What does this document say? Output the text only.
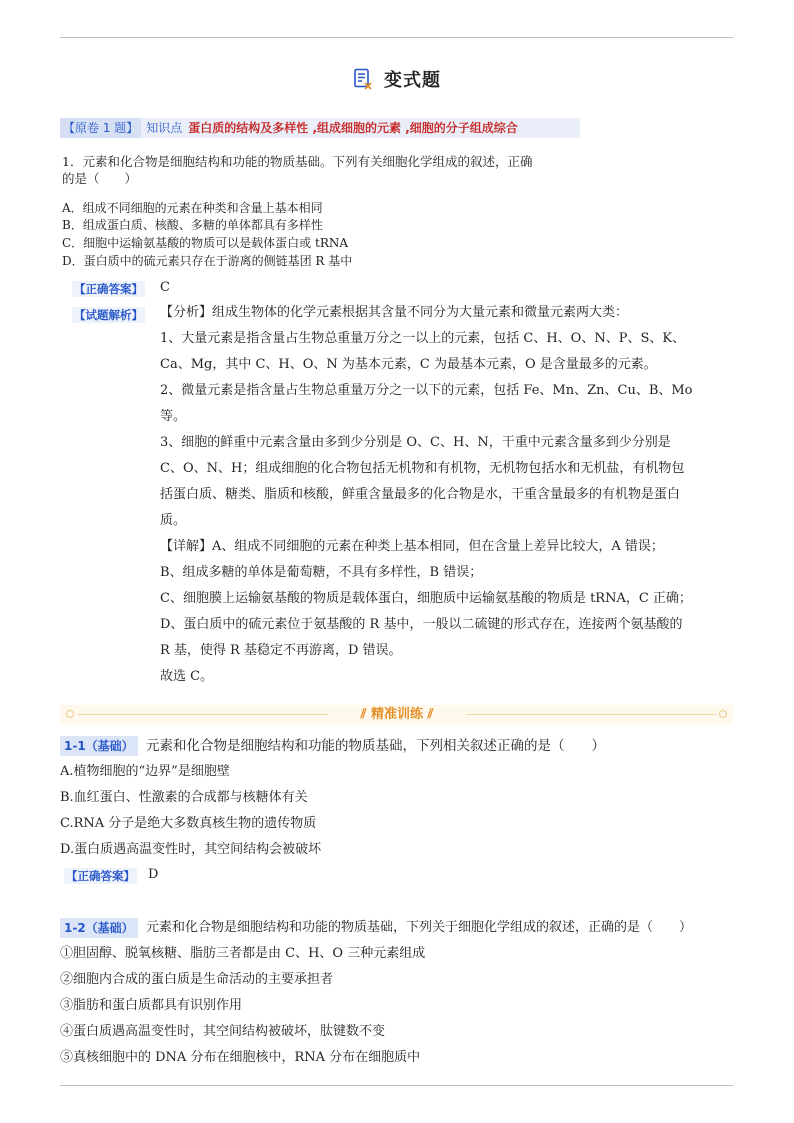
变式题
【原卷 1 题】 知识点 蛋白质的结构及多样性 ,组成细胞的元素 ,细胞的分子组成综合
1．元素和化合物是细胞结构和功能的物质基础。下列有关细胞化学组成的叙述，正确
的是（　　）
A．组成不同细胞的元素在种类和含量上基本相同
B．组成蛋白质、核酸、多糖的单体都具有多样性
C．细胞中运输氨基酸的物质可以是载体蛋白或 tRNA
D．蛋白质中的硫元素只存在于游离的侧链基团 R 基中
【正确答案】 C
【试题解析】 【分析】组成生物体的化学元素根据其含量不同分为大量元素和微量元素两大类：

1、大量元素是指含量占生物总重量万分之一以上的元素，包括 C、H、O、N、P、S、K、

Ca、Mg，其中 C、H、O、N 为基本元素，C 为最基本元素，O 是含量最多的元素。

2、微量元素是指含量占生物总重量万分之一以下的元素，包括 Fe、Mn、Zn、Cu、B、Mo

等。

3、细胞的鲜重中元素含量由多到少分别是 O、C、H、N，干重中元素含量多到少分别是

C、O、N、H；组成细胞的化合物包括无机物和有机物，无机物包括水和无机盐，有机物包

括蛋白质、糖类、脂质和核酸，鲜重含量最多的化合物是水，干重含量最多的有机物是蛋白

质。

【详解】A、组成不同细胞的元素在种类上基本相同，但在含量上差异比较大，A 错误；

B、组成多糖的单体是葡萄糖，不具有多样性，B 错误；

C、细胞膜上运输氨基酸的物质是载体蛋白，细胞质中运输氨基酸的物质是 tRNA，C 正确；

D、蛋白质中的硫元素位于氨基酸的 R 基中，一般以二硫键的形式存在，连接两个氨基酸的

R 基，使得 R 基稳定不再游离，D 错误。

故选 C。

⫽ 精准训练 ⫽
1-1（基础） 元素和化合物是细胞结构和功能的物质基础，下列相关叙述正确的是（　　）
A.植物细胞的“边界”是细胞壁
B.血红蛋白、性激素的合成都与核糖体有关
C.RNA 分子是绝大多数真核生物的遗传物质
D.蛋白质遇高温变性时，其空间结构会被破坏
【正确答案】 D
1-2（基础） 元素和化合物是细胞结构和功能的物质基础，下列关于细胞化学组成的叙述，正确的是（　　）
①胆固醇、脱氧核糖、脂肪三者都是由 C、H、O 三种元素组成
②细胞内合成的蛋白质是生命活动的主要承担者
③脂肪和蛋白质都具有识别作用
④蛋白质遇高温变性时，其空间结构被破坏，肽键数不变
⑤真核细胞中的 DNA 分布在细胞核中，RNA 分布在细胞质中
